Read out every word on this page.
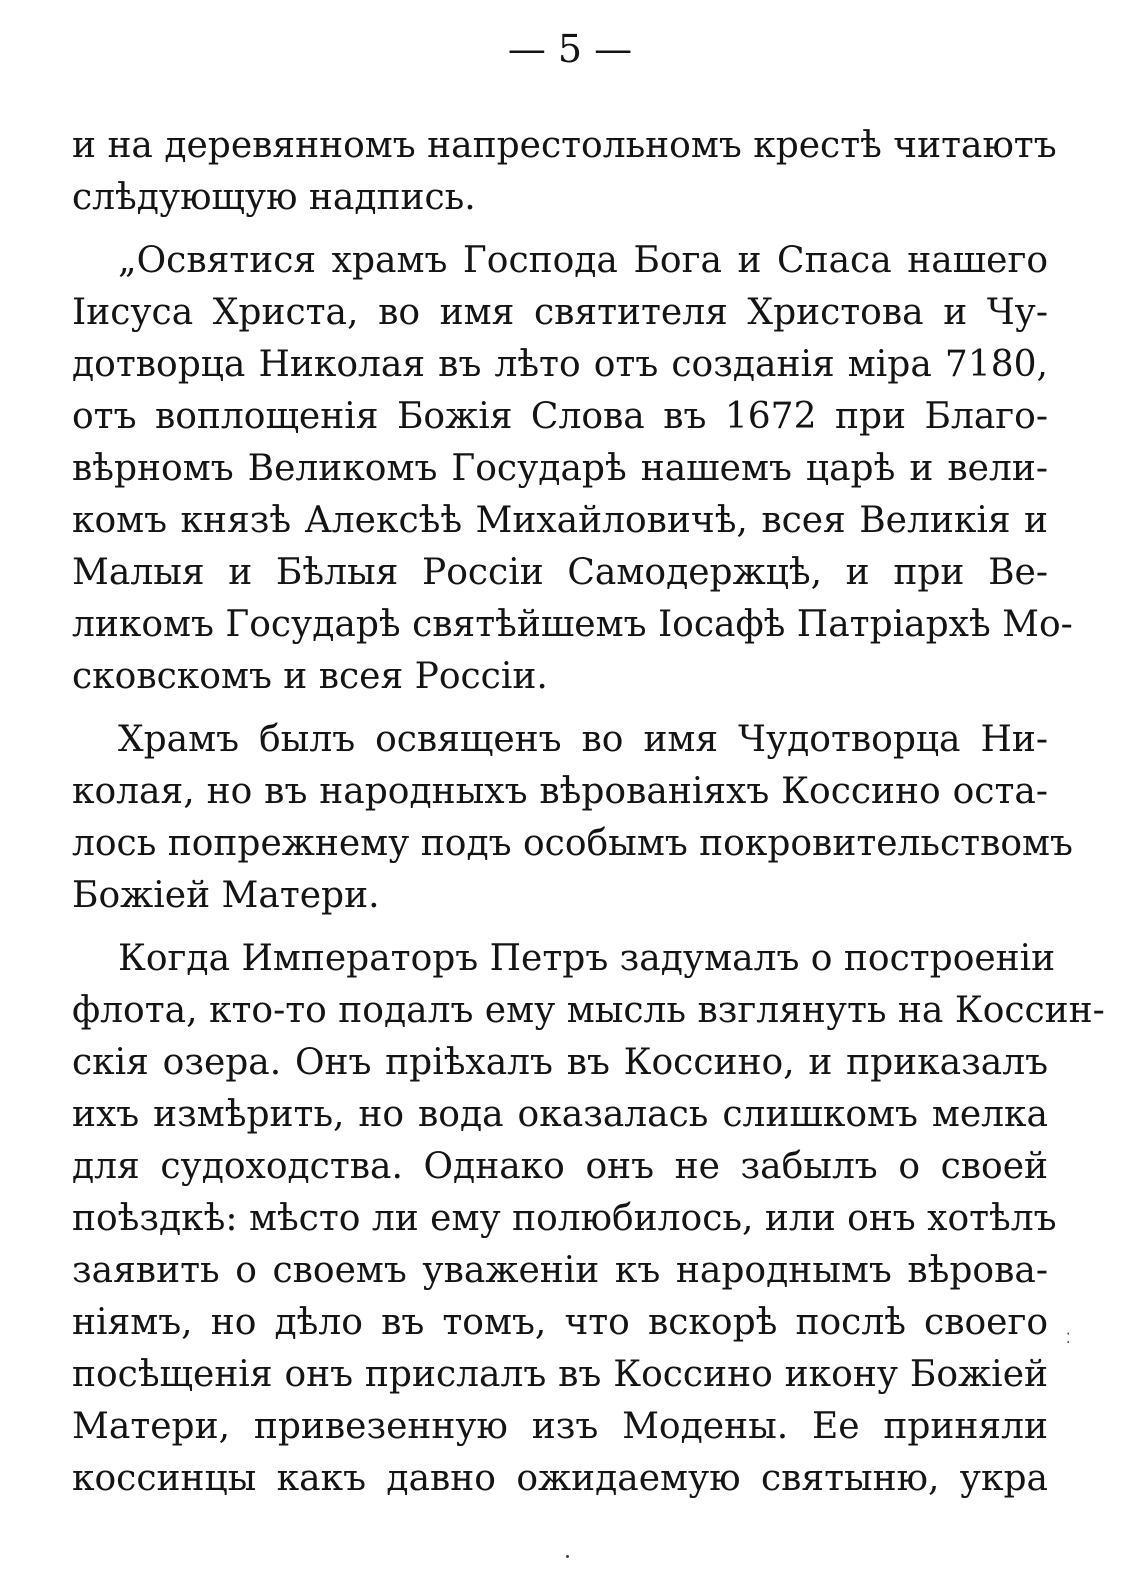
— 5 —
и на деревянномъ напрестольномъ крестѣ читаютъ
слѣдующую надпись.
„Освятися храмъ Господа Бога и Спаса нашего
Іисуса Христа, во имя святителя Христова и Чу-
дотворца Николая въ лѣто отъ созданія міра 7180,
отъ воплощенія Божія Слова въ 1672 при Благо-
вѣрномъ Великомъ Государѣ нашемъ царѣ и вели-
комъ князѣ Алексѣѣ Михайловичѣ, всея Великія и
Малыя и Бѣлыя Россіи Самодержцѣ, и при Ве-
ликомъ Государѣ святѣйшемъ Іосафѣ Патріархѣ Мо-
сковскомъ и всея Россіи.
Храмъ былъ освященъ во имя Чудотворца Ни-
колая, но въ народныхъ вѣрованіяхъ Коссино оста-
лось попрежнему подъ особымъ покровительствомъ
Божіей Матери.
Когда Императоръ Петръ задумалъ о построеніи
флота, кто-то подалъ ему мысль взглянуть на Коссин-
скія озера. Онъ пріѣхалъ въ Коссино, и приказалъ
ихъ измѣрить, но вода оказалась слишкомъ мелка
для судоходства. Однако онъ не забылъ о своей
поѣздкѣ: мѣсто ли ему полюбилось, или онъ хотѣлъ
заявить о своемъ уваженіи къ народнымъ вѣрова-
ніямъ, но дѣло въ томъ, что вскорѣ послѣ своего
посѣщенія онъ прислалъ въ Коссино икону Божіей
Матери, привезенную изъ Модены. Ее приняли
коссинцы какъ давно ожидаемую святыню, укра
⁚
